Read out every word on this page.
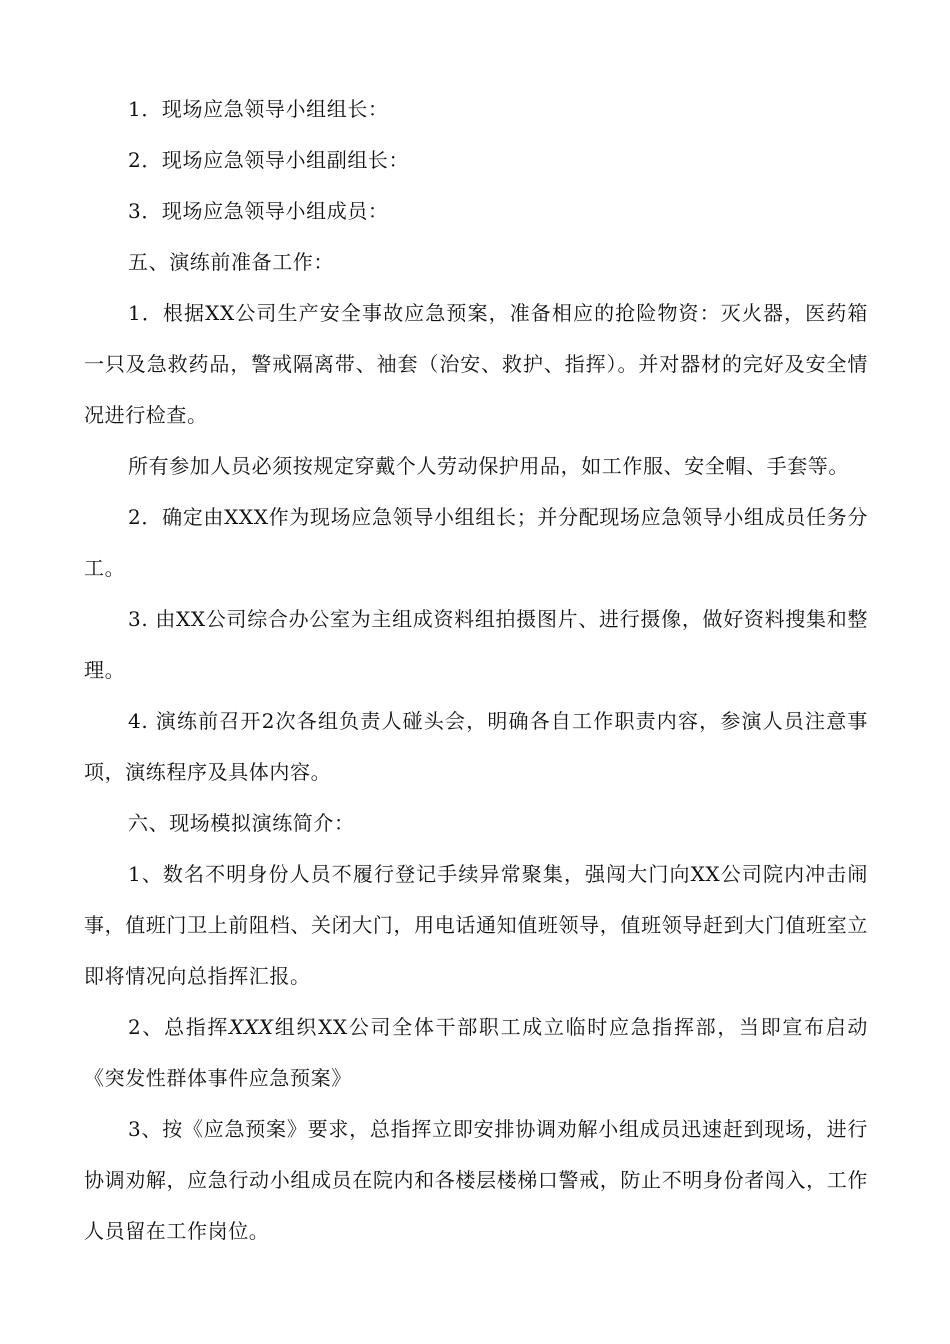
1．现场应急领导小组组长：

2．现场应急领导小组副组长：

3．现场应急领导小组成员：

五、演练前准备工作：

1．根据XX公司生产安全事故应急预案，准备相应的抢险物资：灭火器，医药箱一只及急救药品，警戒隔离带、袖套（治安、救护、指挥）。并对器材的完好及安全情况进行检查。

所有参加人员必须按规定穿戴个人劳动保护用品，如工作服、安全帽、手套等。

2．确定由XXX作为现场应急领导小组组长；并分配现场应急领导小组成员任务分工。

3. 由XX公司综合办公室为主组成资料组拍摄图片、进行摄像，做好资料搜集和整理。

4. 演练前召开2次各组负责人碰头会，明确各自工作职责内容，参演人员注意事项，演练程序及具体内容。

六、现场模拟演练简介：

1、数名不明身份人员不履行登记手续异常聚集，强闯大门向XX公司院内冲击闹事，值班门卫上前阻档、关闭大门，用电话通知值班领导，值班领导赶到大门值班室立即将情况向总指挥汇报。

2、总指挥XXX组织XX公司全体干部职工成立临时应急指挥部，当即宣布启动《突发性群体事件应急预案》

3、按《应急预案》要求，总指挥立即安排协调劝解小组成员迅速赶到现场，进行协调劝解，应急行动小组成员在院内和各楼层楼梯口警戒，防止不明身份者闯入，工作人员留在工作岗位。
